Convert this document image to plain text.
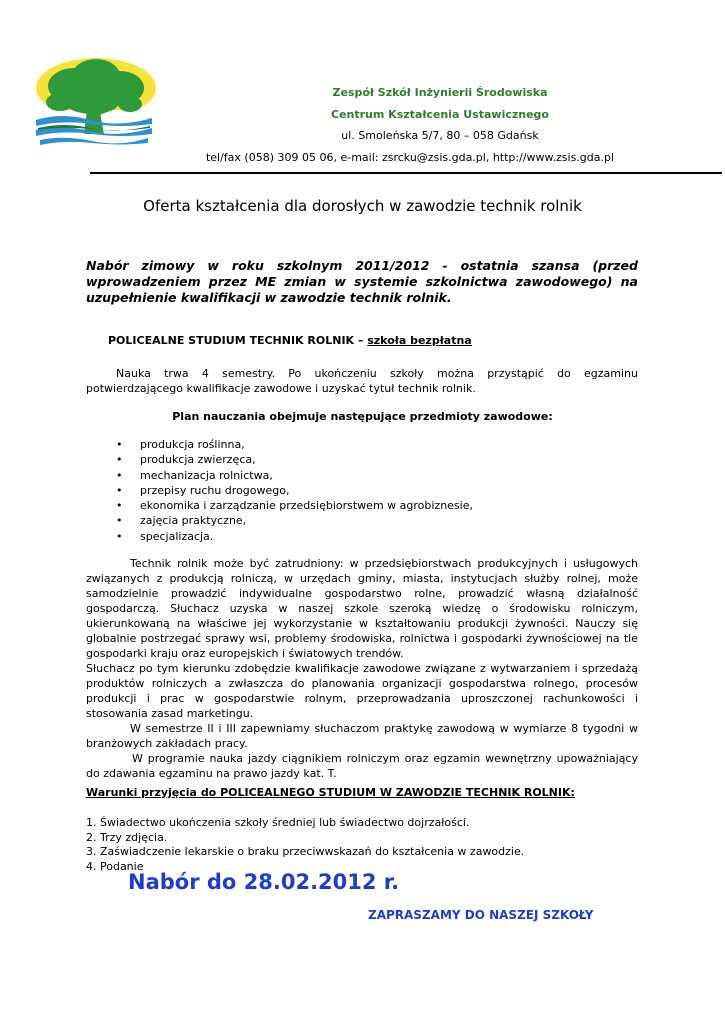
Zespół Szkół Inżynierii Środowiska
Centrum Kształcenia Ustawicznego
ul. Smoleńska 5/7, 80 – 058 Gdańsk
tel/fax (058) 309 05 06, e-mail: zsrcku@zsis.gda.pl, http://www.zsis.gda.pl
Oferta kształcenia dla dorosłych w zawodzie technik rolnik
Nabór zimowy w roku szkolnym 2011/2012 - ostatnia szansa (przed wprowadzeniem przez ME zmian w systemie szkolnictwa zawodowego) na uzupełnienie kwalifikacji w zawodzie technik rolnik.
POLICEALNE STUDIUM TECHNIK ROLNIK – szkoła bezpłatna
Nauka trwa 4 semestry. Po ukończeniu szkoły można przystąpić do egzaminu potwierdzającego kwalifikacje zawodowe i uzyskać tytuł technik rolnik.
Plan nauczania obejmuje następujące przedmioty zawodowe:
• produkcja roślinna,
• produkcja zwierzęca,
• mechanizacja rolnictwa,
• przepisy ruchu drogowego,
• ekonomika i zarządzanie przedsiębiorstwem w agrobiznesie,
• zajęcia praktyczne,
• specjalizacja.
Technik rolnik może być zatrudniony: w przedsiębiorstwach produkcyjnych i usługowych związanych z produkcją rolniczą, w urzędach gminy, miasta, instytucjach służby rolnej, może samodzielnie prowadzić indywidualne gospodarstwo rolne, prowadzić własną działalność gospodarczą. Słuchacz uzyska w naszej szkole szeroką wiedzę o środowisku rolniczym, ukierunkowaną na właściwe jej wykorzystanie w kształtowaniu produkcji żywności. Nauczy się globalnie postrzegać sprawy wsi, problemy środowiska, rolnictwa i gospodarki żywnościowej na tle gospodarki kraju oraz europejskich i światowych trendów.
Słuchacz po tym kierunku zdobędzie kwalifikacje zawodowe związane z wytwarzaniem i sprzedażą produktów rolniczych a zwłaszcza do planowania organizacji gospodarstwa rolnego, procesów produkcji i prac w gospodarstwie rolnym, przeprowadzania uproszczonej rachunkowości i stosowania zasad marketingu.
W semestrze II i III zapewniamy słuchaczom praktykę zawodową w wymiarze 8 tygodni w branżowych zakładach pracy.
W programie nauka jazdy ciągnikiem rolniczym oraz egzamin wewnętrzny upoważniający do zdawania egzaminu na prawo jazdy kat. T.
Warunki przyjęcia do POLICEALNEGO STUDIUM W ZAWODZIE TECHNIK ROLNIK:
1. Świadectwo ukończenia szkoły średniej lub świadectwo dojrzałości.
2. Trzy zdjęcia.
3. Zaświadczenie lekarskie o braku przeciwwskazań do kształcenia w zawodzie.
4. Podanie
Nabór do 28.02.2012 r.
ZAPRASZAMY DO NASZEJ SZKOŁY
